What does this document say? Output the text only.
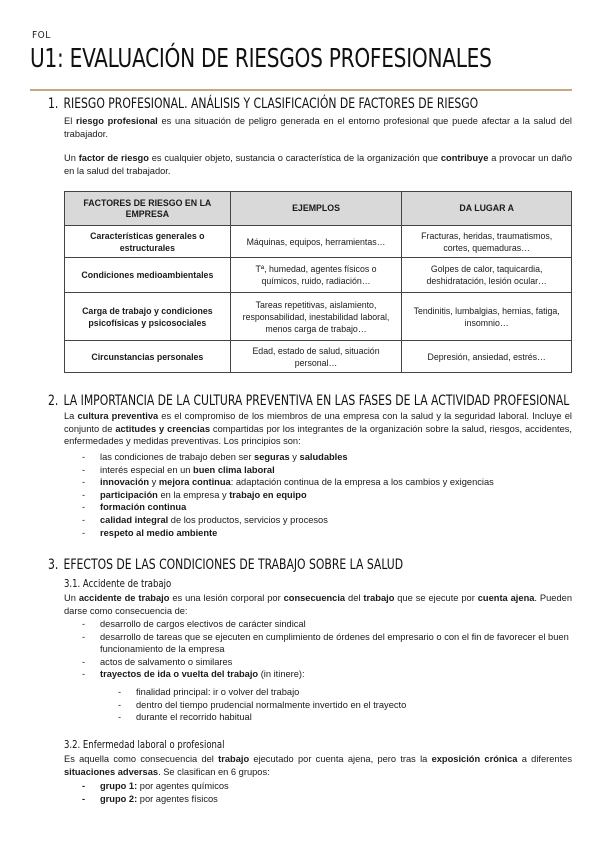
FOL
U1: EVALUACIÓN DE RIESGOS PROFESIONALES
1. RIESGO PROFESIONAL. ANÁLISIS Y CLASIFICACIÓN DE FACTORES DE RIESGO
El riesgo profesional es una situación de peligro generada en el entorno profesional que puede afectar a la salud del trabajador.
Un factor de riesgo es cualquier objeto, sustancia o característica de la organización que contribuye a provocar un daño en la salud del trabajador.
FACTORES DE RIESGO EN LA EMPRESA	EJEMPLOS	DA LUGAR A
Características generales o estructurales	Máquinas, equipos, herramientas…	Fracturas, heridas, traumatismos, cortes, quemaduras…
Condiciones medioambientales	Tª, humedad, agentes físicos o químicos, ruido, radiación…	Golpes de calor, taquicardia, deshidratación, lesión ocular…
Carga de trabajo y condiciones psicofísicas y psicosociales	Tareas repetitivas, aislamiento, responsabilidad, inestabilidad laboral, menos carga de trabajo…	Tendinitis, lumbalgias, hernias, fatiga, insomnio…
Circunstancias personales	Edad, estado de salud, situación personal…	Depresión, ansiedad, estrés…
2. LA IMPORTANCIA DE LA CULTURA PREVENTIVA EN LAS FASES DE LA ACTIVIDAD PROFESIONAL
La cultura preventiva es el compromiso de los miembros de una empresa con la salud y la seguridad laboral. Incluye el conjunto de actitudes y creencias compartidas por los integrantes de la organización sobre la salud, riesgos, accidentes, enfermedades y medidas preventivas. Los principios son:
- las condiciones de trabajo deben ser seguras y saludables
- interés especial en un buen clima laboral
- innovación y mejora continua: adaptación continua de la empresa a los cambios y exigencias
- participación en la empresa y trabajo en equipo
- formación continua
- calidad integral de los productos, servicios y procesos
- respeto al medio ambiente
3. EFECTOS DE LAS CONDICIONES DE TRABAJO SOBRE LA SALUD
3.1. Accidente de trabajo
Un accidente de trabajo es una lesión corporal por consecuencia del trabajo que se ejecute por cuenta ajena. Pueden darse como consecuencia de:
- desarrollo de cargos electivos de carácter sindical
- desarrollo de tareas que se ejecuten en cumplimiento de órdenes del empresario o con el fin de favorecer el buen funcionamiento de la empresa
- actos de salvamento o similares
- trayectos de ida o vuelta del trabajo (in itinere):
- finalidad principal: ir o volver del trabajo
- dentro del tiempo prudencial normalmente invertido en el trayecto
- durante el recorrido habitual
3.2. Enfermedad laboral o profesional
Es aquella como consecuencia del trabajo ejecutado por cuenta ajena, pero tras la exposición crónica a diferentes situaciones adversas. Se clasifican en 6 grupos:
- grupo 1: por agentes químicos
- grupo 2: por agentes físicos
